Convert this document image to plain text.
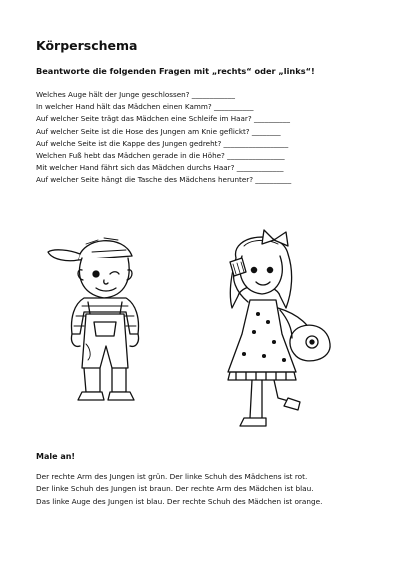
Körperschema
Beantworte die folgenden Fragen mit „rechts“ oder „links“!
Welches Auge hält der Junge geschlossen? ____________
In welcher Hand hält das Mädchen einen Kamm? ___________
Auf welcher Seite trägt das Mädchen eine Schleife im Haar? __________
Auf welcher Seite ist die Hose des Jungen am Knie geflickt? ________
Auf welche Seite ist die Kappe des Jungen gedreht? __________________
Welchen Fuß hebt das Mädchen gerade in die Höhe? ________________
Mit welcher Hand fährt sich das Mädchen durchs Haar? _____________
Auf welcher Seite hängt die Tasche des Mädchens herunter? __________
Male an!
Der rechte Arm des Jungen ist grün. Der linke Schuh des Mädchens ist rot.
Der linke Schuh des Jungen ist braun. Der rechte Arm des Mädchen ist blau.
Das linke Auge des Jungen ist blau. Der rechte Schuh des Mädchen ist orange.
